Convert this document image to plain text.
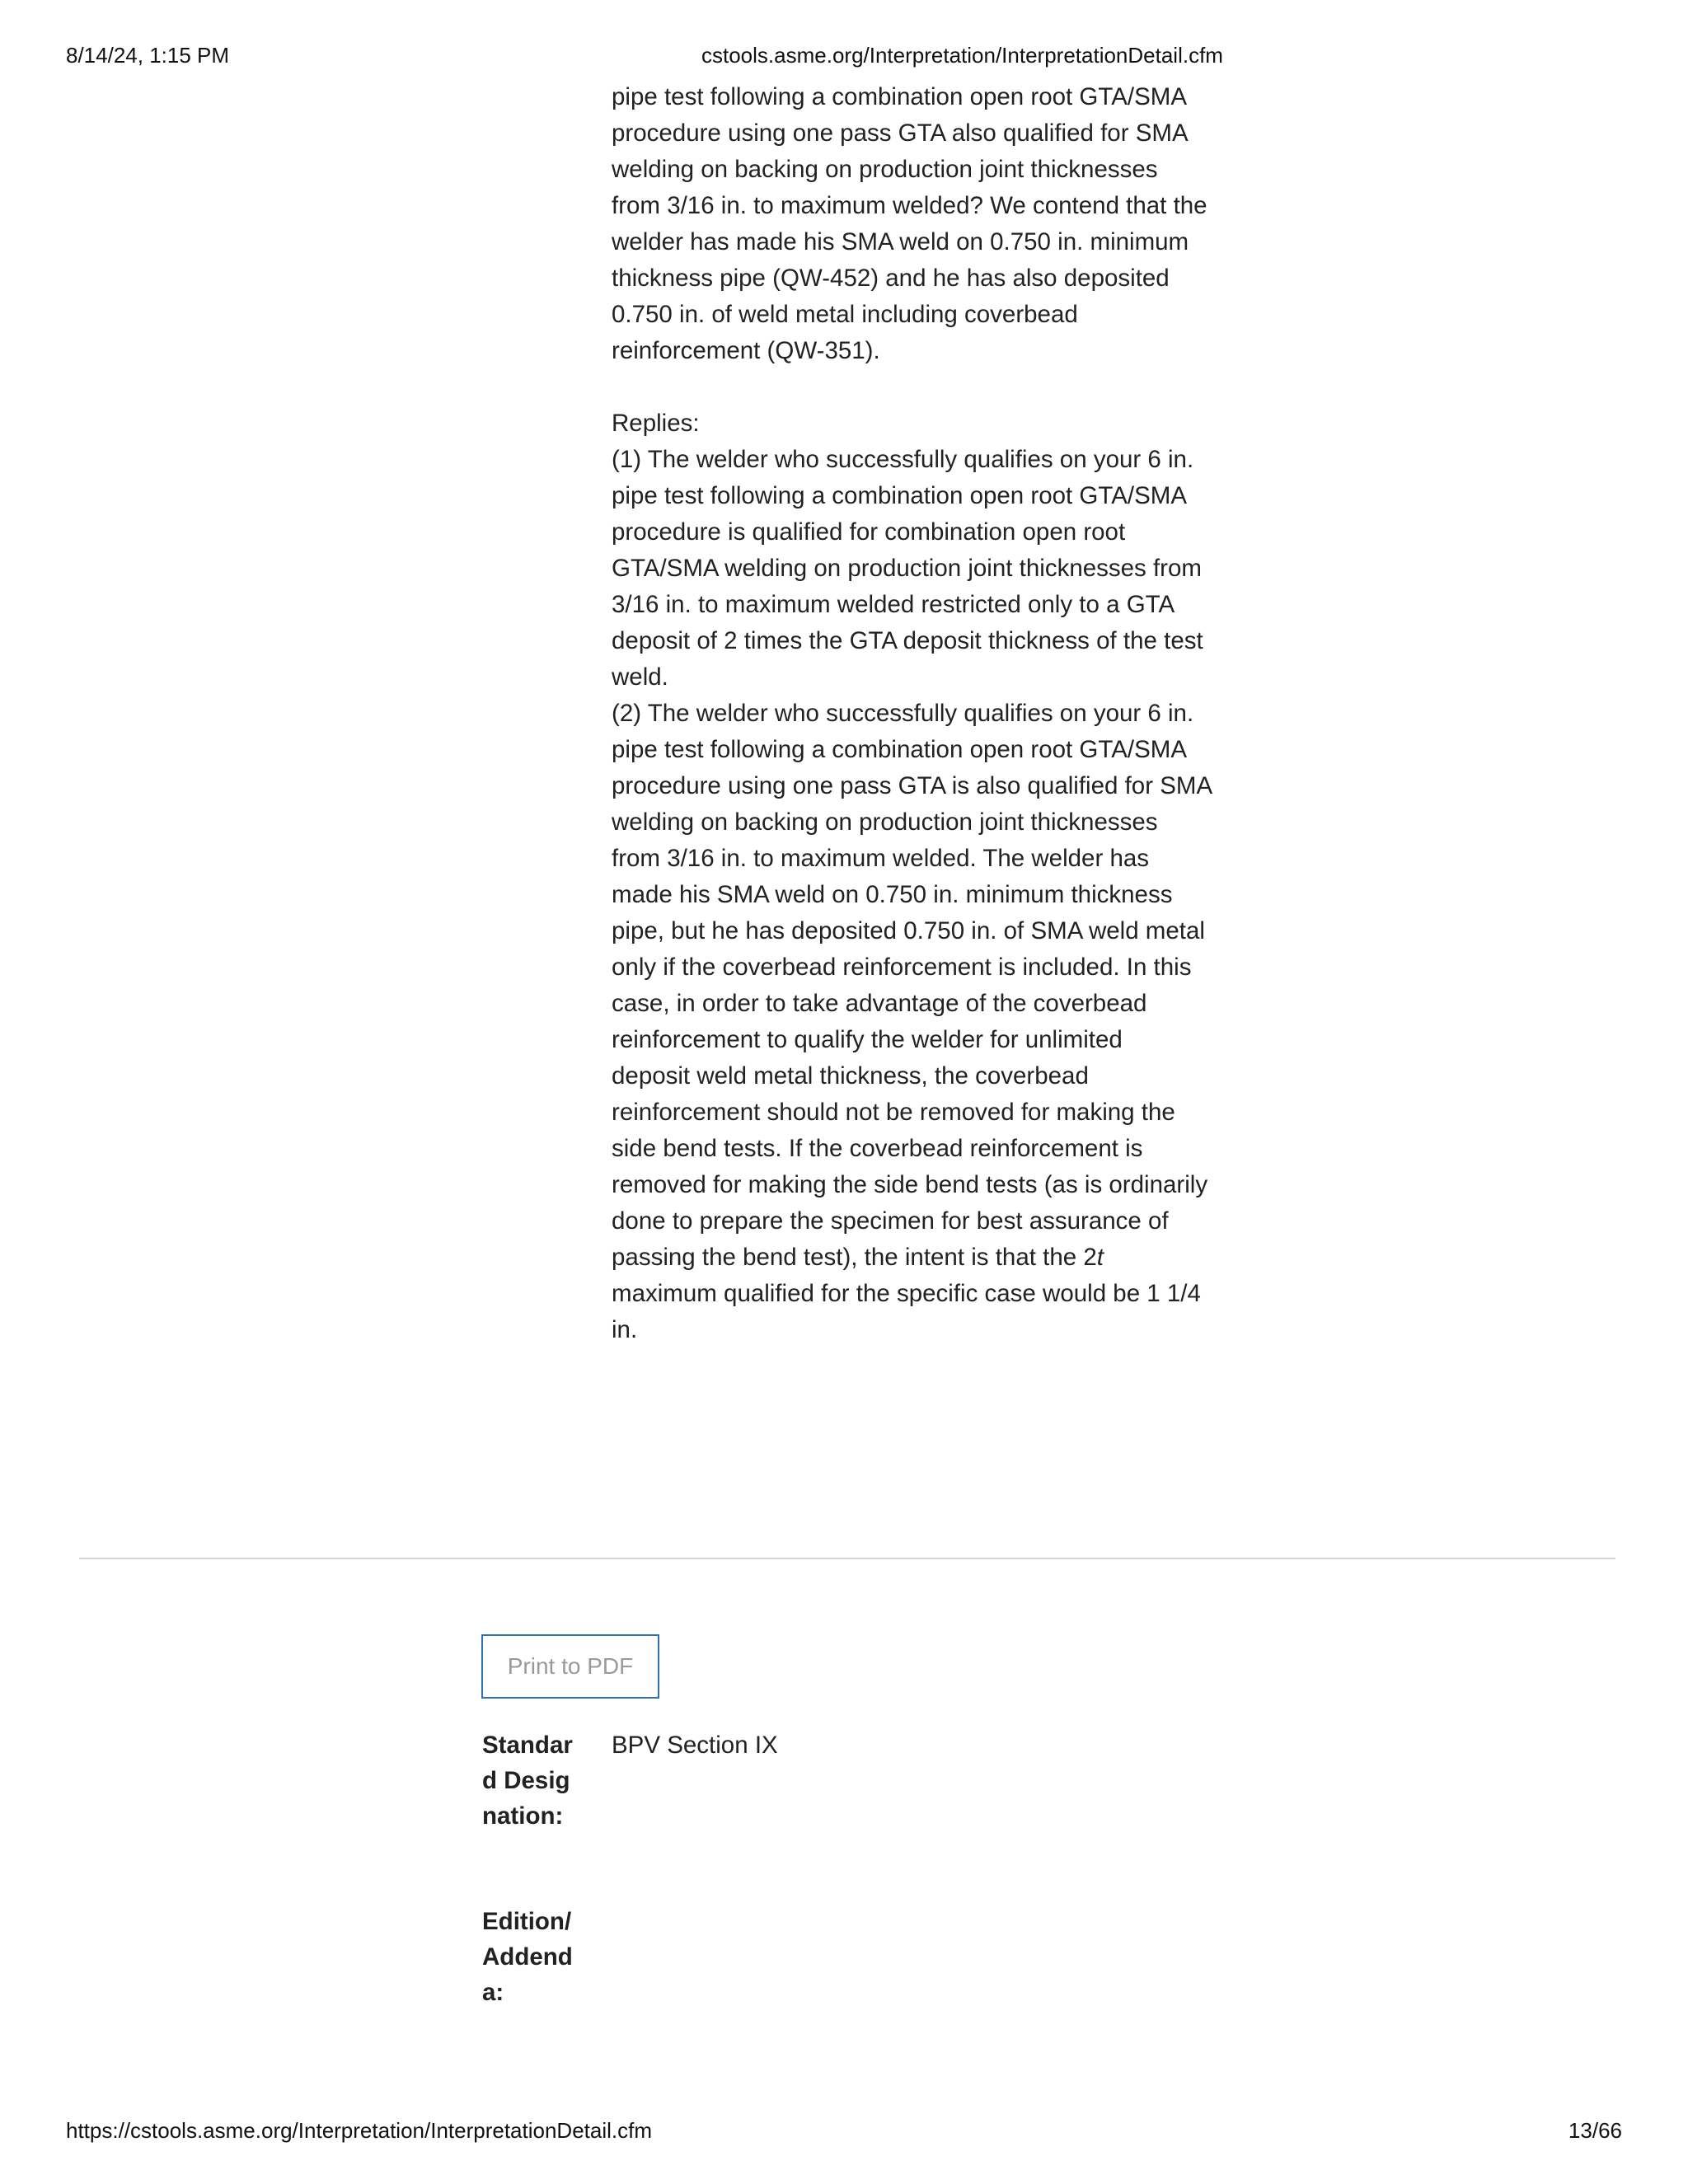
8/14/24, 1:15 PM	cstools.asme.org/Interpretation/InterpretationDetail.cfm

pipe test following a combination open root GTA/SMA

procedure using one pass GTA also qualified for SMA

welding on backing on production joint thicknesses

from 3/16 in. to maximum welded? We contend that the

welder has made his SMA weld on 0.750 in. minimum

thickness pipe (QW-452) and he has also deposited

0.750 in. of weld metal including coverbead

reinforcement (QW-351).

Replies:

(1) The welder who successfully qualifies on your 6 in.

pipe test following a combination open root GTA/SMA

procedure is qualified for combination open root

GTA/SMA welding on production joint thicknesses from

3/16 in. to maximum welded restricted only to a GTA

deposit of 2 times the GTA deposit thickness of the test

weld.

(2) The welder who successfully qualifies on your 6 in.

pipe test following a combination open root GTA/SMA

procedure using one pass GTA is also qualified for SMA

welding on backing on production joint thicknesses

from 3/16 in. to maximum welded. The welder has

made his SMA weld on 0.750 in. minimum thickness

pipe, but he has deposited 0.750 in. of SMA weld metal

only if the coverbead reinforcement is included. In this

case, in order to take advantage of the coverbead

reinforcement to qualify the welder for unlimited

deposit weld metal thickness, the coverbead

reinforcement should not be removed for making the

side bend tests. If the coverbead reinforcement is

removed for making the side bend tests (as is ordinarily

done to prepare the specimen for best assurance of

passing the bend test), the intent is that the 2t

maximum qualified for the specific case would be 1 1/4

in.

Print to PDF
Standard Designation:
BPV Section IX
Edition/Addenda:
https://cstools.asme.org/Interpretation/InterpretationDetail.cfm	13/66
